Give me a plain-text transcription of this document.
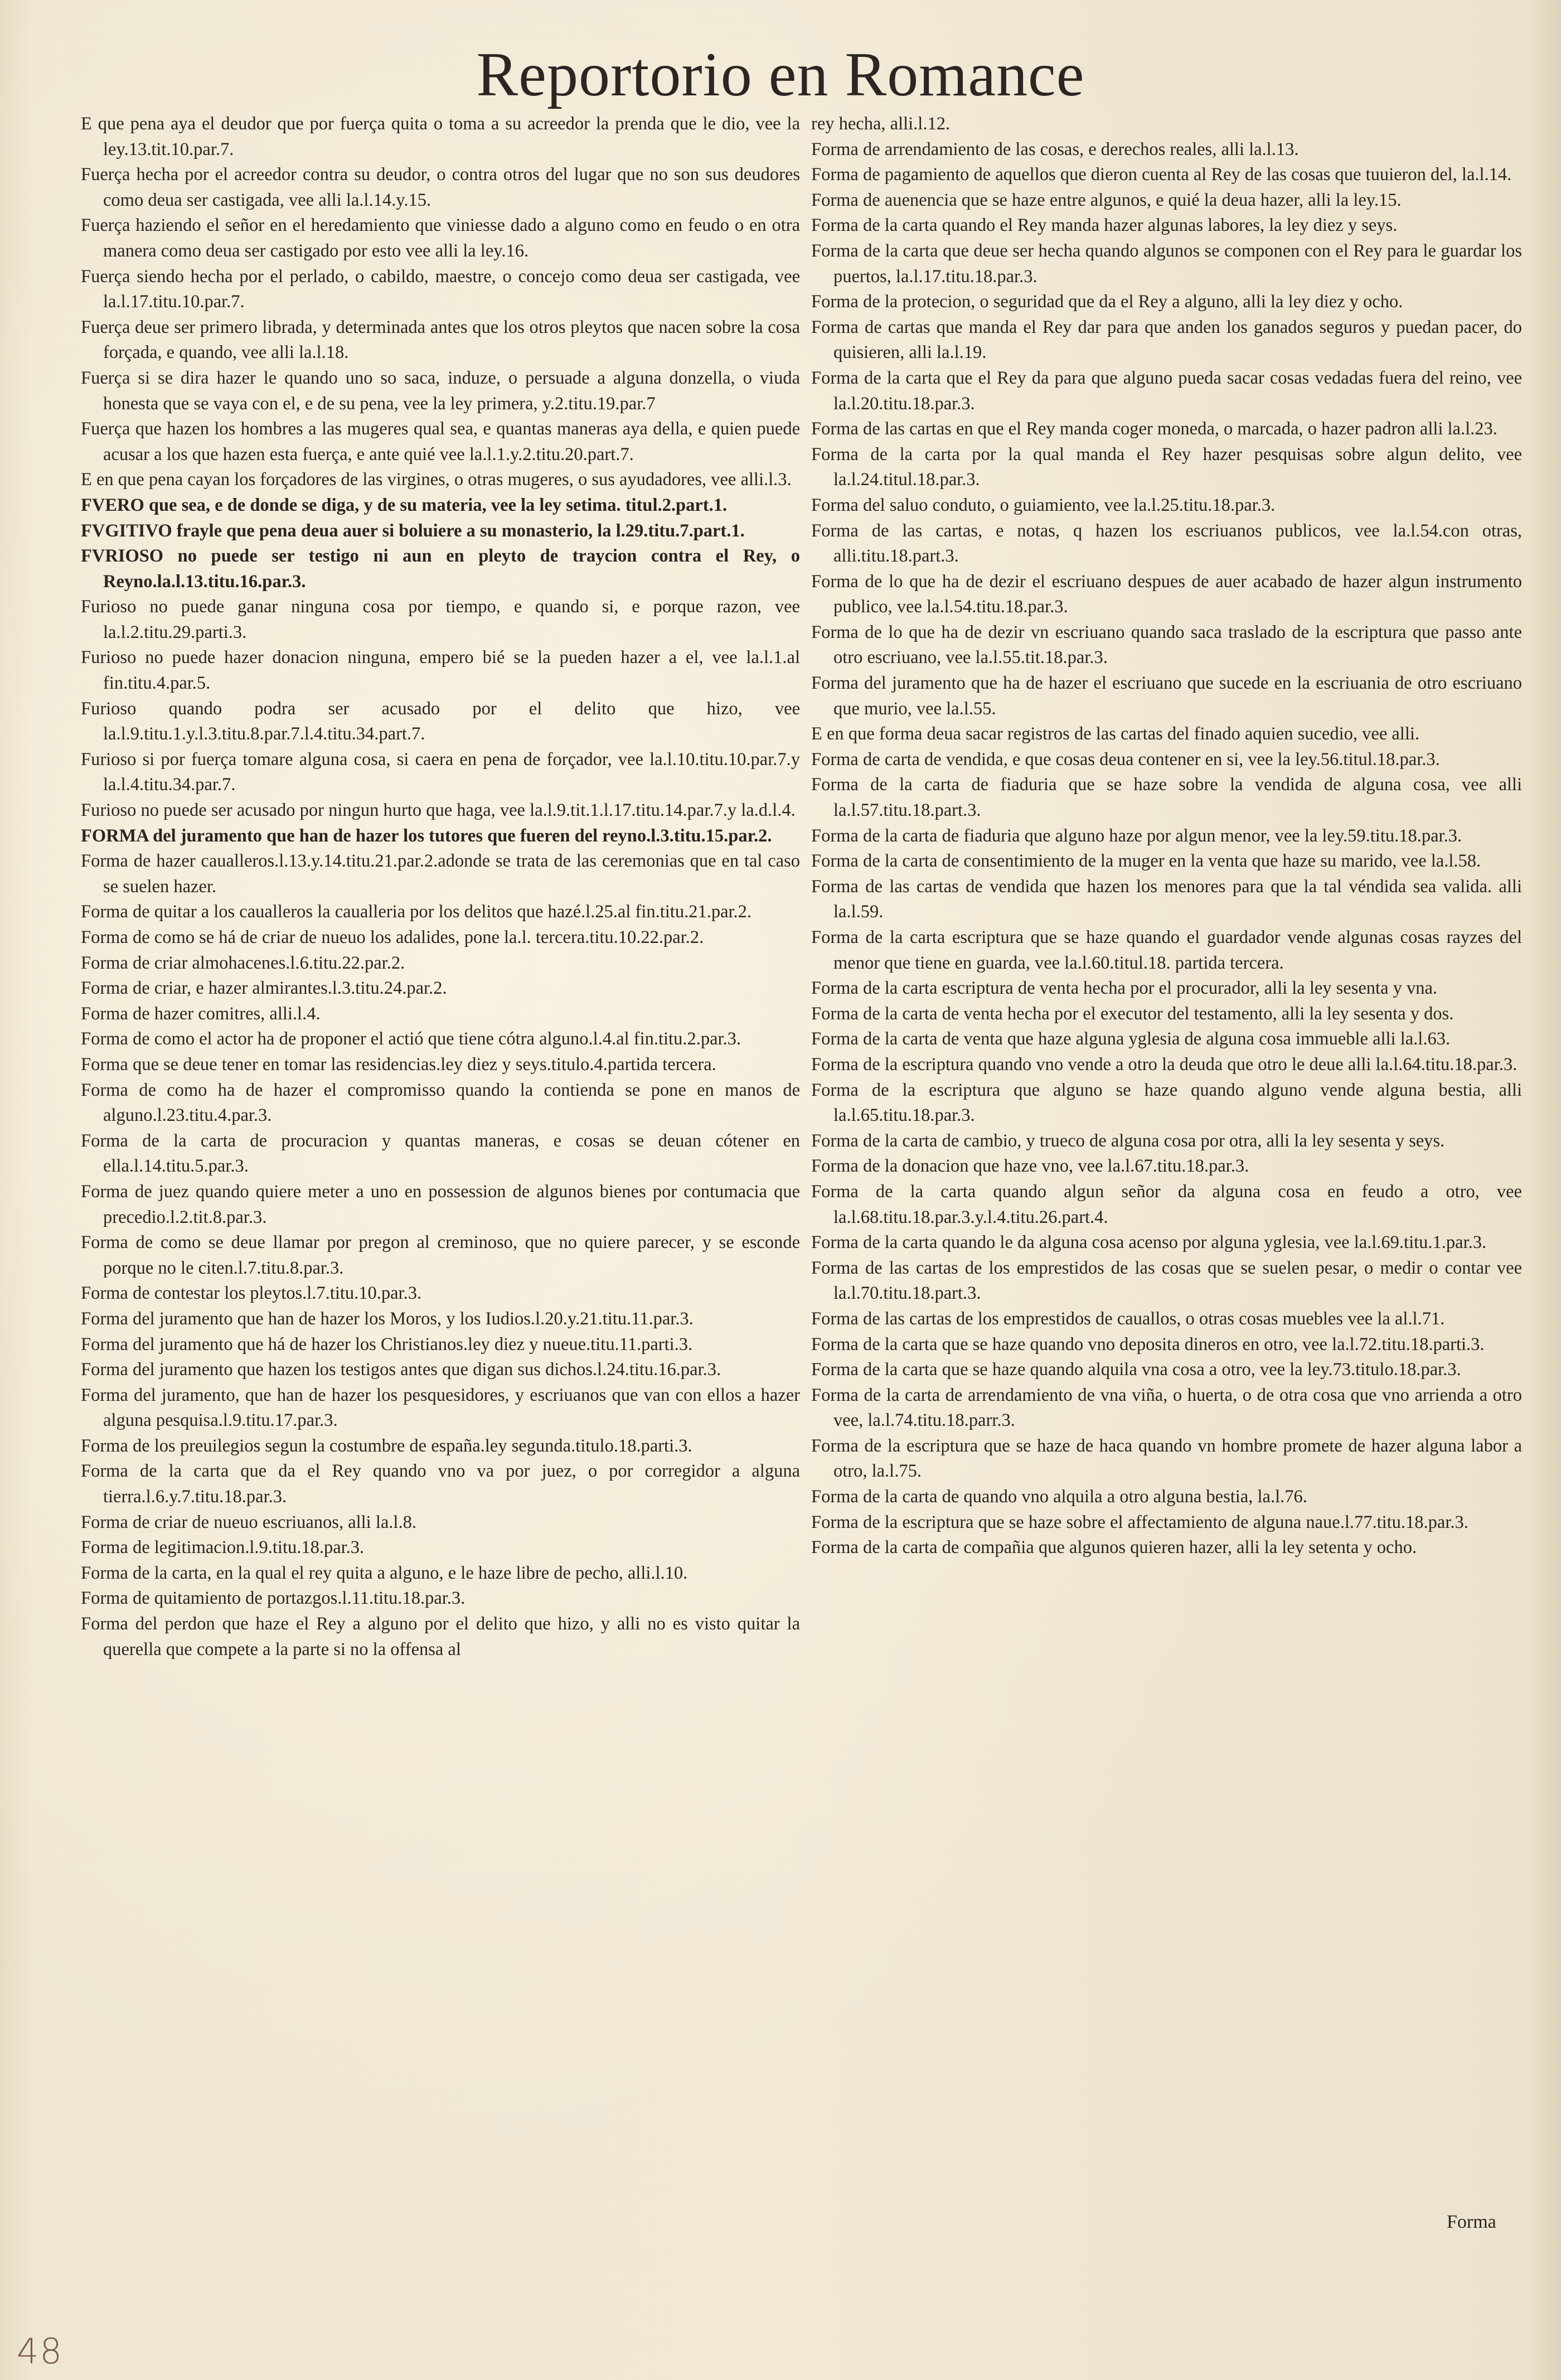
Reportorio en Romance

E que pena aya el deudor que por fuerça quita o toma a su acreedor la prenda que le dio, vee la ley.13.tit.10.par.7.

Fuerça hecha por el acreedor contra su deudor, o contra otros del lugar que no son sus deudores como deua ser castigada, vee alli la.l.14.y.15.

Fuerça haziendo el señor en el heredamiento que viniesse dado a alguno como en feudo o en otra manera como deua ser castigado por esto vee alli la ley.16.

Fuerça siendo hecha por el perlado, o cabildo, maestre, o concejo como deua ser castigada, vee la.l.17.titu.10.par.7.

Fuerça deue ser primero librada, y determinada antes que los otros pleytos que nacen sobre la cosa forçada, e quando, vee alli la.l.18.

Fuerça si se dira hazer le quando uno so saca, induze, o persuade a alguna donzella, o viuda honesta que se vaya con el, e de su pena, vee la ley primera, y.2.titu.19.par.7

Fuerça que hazen los hombres a las mugeres qual sea, e quantas maneras aya della, e quien puede acusar a los que hazen esta fuerça, e ante quié vee la.l.1.y.2.titu.20.part.7.

E en que pena cayan los forçadores de las virgines, o otras mugeres, o sus ayudadores, vee alli.l.3.

FVERO que sea, e de donde se diga, y de su materia, vee la ley setima. titul.2.part.1.

FVGITIVO frayle que pena deua auer si boluiere a su monasterio, la l.29.titu.7.part.1.

FVRIOSO no puede ser testigo ni aun en pleyto de traycion contra el Rey, o Reyno.la.l.13.titu.16.par.3.

Furioso no puede ganar ninguna cosa por tiempo, e quando si, e porque razon, vee la.l.2.titu.29.parti.3.

Furioso no puede hazer donacion ninguna, empero bié se la pueden hazer a el, vee la.l.1.al fin.titu.4.par.5.

Furioso quando podra ser acusado por el delito que hizo, vee la.l.9.titu.1.y.l.3.titu.8.par.7.l.4.titu.34.part.7.

Furioso si por fuerça tomare alguna cosa, si caera en pena de forçador, vee la.l.10.titu.10.par.7.y la.l.4.titu.34.par.7.

Furioso no puede ser acusado por ningun hurto que haga, vee la.l.9.tit.1.l.17.titu.14.par.7.y la.d.l.4.

FORMA del juramento que han de hazer los tutores que fueren del reyno.l.3.titu.15.par.2.

Forma de hazer caualleros.l.13.y.14.titu.21.par.2.adonde se trata de las ceremonias que en tal caso se suelen hazer.

Forma de quitar a los caualleros la caualleria por los delitos que hazé.l.25.al fin.titu.21.par.2.

Forma de como se há de criar de nueuo los adalides, pone la.l. tercera.titu.10.22.par.2.

Forma de criar almohacenes.l.6.titu.22.par.2.

Forma de criar, e hazer almirantes.l.3.titu.24.par.2.

Forma de hazer comitres, alli.l.4.

Forma de como el actor ha de proponer el actió que tiene cótra alguno.l.4.al fin.titu.2.par.3.

Forma que se deue tener en tomar las residencias.ley diez y seys.titulo.4.partida tercera.

Forma de como ha de hazer el compromisso quando la contienda se pone en manos de alguno.l.23.titu.4.par.3.

Forma de la carta de procuracion y quantas maneras, e cosas se deuan cótener en ella.l.14.titu.5.par.3.

Forma de juez quando quiere meter a uno en possession de algunos bienes por contumacia que precedio.l.2.tit.8.par.3.

Forma de como se deue llamar por pregon al creminoso, que no quiere parecer, y se esconde porque no le citen.l.7.titu.8.par.3.

Forma de contestar los pleytos.l.7.titu.10.par.3.

Forma del juramento que han de hazer los Moros, y los Iudios.l.20.y.21.titu.11.par.3.

Forma del juramento que há de hazer los Christianos.ley diez y nueue.titu.11.parti.3.

Forma del juramento que hazen los testigos antes que digan sus dichos.l.24.titu.16.par.3.

Forma del juramento, que han de hazer los pesquesidores, y escriuanos que van con ellos a hazer alguna pesquisa.l.9.titu.17.par.3.

Forma de los preuilegios segun la costumbre de españa.ley segunda.titulo.18.parti.3.

Forma de la carta que da el Rey quando vno va por juez, o por corregidor a alguna tierra.l.6.y.7.titu.18.par.3.

Forma de criar de nueuo escriuanos, alli la.l.8.

Forma de legitimacion.l.9.titu.18.par.3.

Forma de la carta, en la qual el rey quita a alguno, e le haze libre de pecho, alli.l.10.

Forma de quitamiento de portazgos.l.11.titu.18.par.3.

Forma del perdon que haze el Rey a alguno por el delito que hizo, y alli no es visto quitar la querella que compete a la parte si no la offensa al

rey hecha, alli.l.12.

Forma de arrendamiento de las cosas, e derechos reales, alli la.l.13.

Forma de pagamiento de aquellos que dieron cuenta al Rey de las cosas que tuuieron del, la.l.14.

Forma de auenencia que se haze entre algunos, e quié la deua hazer, alli la ley.15.

Forma de la carta quando el Rey manda hazer algunas labores, la ley diez y seys.

Forma de la carta que deue ser hecha quando algunos se componen con el Rey para le guardar los puertos, la.l.17.titu.18.par.3.

Forma de la protecion, o seguridad que da el Rey a alguno, alli la ley diez y ocho.

Forma de cartas que manda el Rey dar para que anden los ganados seguros y puedan pacer, do quisieren, alli la.l.19.

Forma de la carta que el Rey da para que alguno pueda sacar cosas vedadas fuera del reino, vee la.l.20.titu.18.par.3.

Forma de las cartas en que el Rey manda coger moneda, o marcada, o hazer padron alli la.l.23.

Forma de la carta por la qual manda el Rey hazer pesquisas sobre algun delito, vee la.l.24.titul.18.par.3.

Forma del saluo conduto, o guiamiento, vee la.l.25.titu.18.par.3.

Forma de las cartas, e notas, q hazen los escriuanos publicos, vee la.l.54.con otras, alli.titu.18.part.3.

Forma de lo que ha de dezir el escriuano despues de auer acabado de hazer algun instrumento publico, vee la.l.54.titu.18.par.3.

Forma de lo que ha de dezir vn escriuano quando saca traslado de la escriptura que passo ante otro escriuano, vee la.l.55.tit.18.par.3.

Forma del juramento que ha de hazer el escriuano que sucede en la escriuania de otro escriuano que murio, vee la.l.55.

E en que forma deua sacar registros de las cartas del finado aquien sucedio, vee alli.

Forma de carta de vendida, e que cosas deua contener en si, vee la ley.56.titul.18.par.3.

Forma de la carta de fiaduria que se haze sobre la vendida de alguna cosa, vee alli la.l.57.titu.18.part.3.

Forma de la carta de fiaduria que alguno haze por algun menor, vee la ley.59.titu.18.par.3.

Forma de la carta de consentimiento de la muger en la venta que haze su marido, vee la.l.58.

Forma de las cartas de vendida que hazen los menores para que la tal véndida sea valida. alli la.l.59.

Forma de la carta escriptura que se haze quando el guardador vende algunas cosas rayzes del menor que tiene en guarda, vee la.l.60.titul.18. partida tercera.

Forma de la carta escriptura de venta hecha por el procurador, alli la ley sesenta y vna.

Forma de la carta de venta hecha por el executor del testamento, alli la ley sesenta y dos.

Forma de la carta de venta que haze alguna yglesia de alguna cosa immueble alli la.l.63.

Forma de la escriptura quando vno vende a otro la deuda que otro le deue alli la.l.64.titu.18.par.3.

Forma de la escriptura que alguno se haze quando alguno vende alguna bestia, alli la.l.65.titu.18.par.3.

Forma de la carta de cambio, y trueco de alguna cosa por otra, alli la ley sesenta y seys.

Forma de la donacion que haze vno, vee la.l.67.titu.18.par.3.

Forma de la carta quando algun señor da alguna cosa en feudo a otro, vee la.l.68.titu.18.par.3.y.l.4.titu.26.part.4.

Forma de la carta quando le da alguna cosa acenso por alguna yglesia, vee la.l.69.titu.1.par.3.

Forma de las cartas de los emprestidos de las cosas que se suelen pesar, o medir o contar vee la.l.70.titu.18.part.3.

Forma de las cartas de los emprestidos de cauallos, o otras cosas muebles vee la al.l.71.

Forma de la carta que se haze quando vno deposita dineros en otro, vee la.l.72.titu.18.parti.3.

Forma de la carta que se haze quando alquila vna cosa a otro, vee la ley.73.titulo.18.par.3.

Forma de la carta de arrendamiento de vna viña, o huerta, o de otra cosa que vno arrienda a otro vee, la.l.74.titu.18.parr.3.

Forma de la escriptura que se haze de haca quando vn hombre promete de hazer alguna labor a otro, la.l.75.

Forma de la carta de quando vno alquila a otro alguna bestia, la.l.76.

Forma de la escriptura que se haze sobre el affectamiento de alguna naue.l.77.titu.18.par.3.

Forma de la carta de compañia que algunos quieren hazer, alli la ley setenta y ocho.

Forma
48
